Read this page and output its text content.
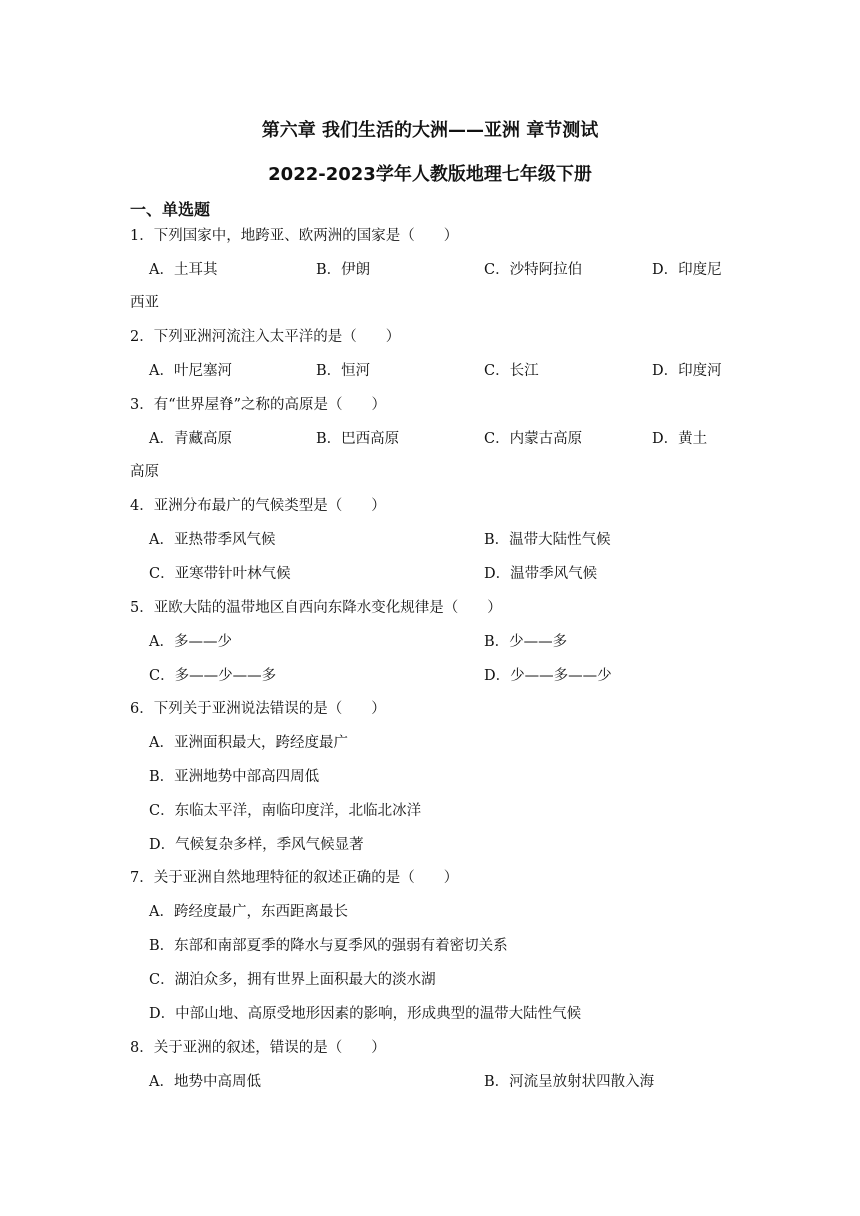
第六章 我们生活的大洲——亚洲 章节测试
2022-2023学年人教版地理七年级下册
一、单选题
1．下列国家中，地跨亚、欧两洲的国家是（　　）
A．土耳其	B．伊朗	C．沙特阿拉伯	D．印度尼
西亚
2．下列亚洲河流注入太平洋的是（　　）
A．叶尼塞河	B．恒河	C．长江	D．印度河
3．有“世界屋脊”之称的高原是（　　）
A．青藏高原	B．巴西高原	C．内蒙古高原	D．黄土
高原
4．亚洲分布最广的气候类型是（　　）
A．亚热带季风气候	B．温带大陆性气候
C．亚寒带针叶林气候	D．温带季风气候
5．亚欧大陆的温带地区自西向东降水变化规律是（　　）
A．多——少	B．少——多
C．多——少——多	D．少——多——少
6．下列关于亚洲说法错误的是（　　）
A．亚洲面积最大，跨经度最广
B．亚洲地势中部高四周低
C．东临太平洋，南临印度洋，北临北冰洋
D．气候复杂多样，季风气候显著
7．关于亚洲自然地理特征的叙述正确的是（　　）
A．跨经度最广，东西距离最长
B．东部和南部夏季的降水与夏季风的强弱有着密切关系
C．湖泊众多，拥有世界上面积最大的淡水湖
D．中部山地、高原受地形因素的影响，形成典型的温带大陆性气候
8．关于亚洲的叙述，错误的是（　　）
A．地势中高周低	B．河流呈放射状四散入海
